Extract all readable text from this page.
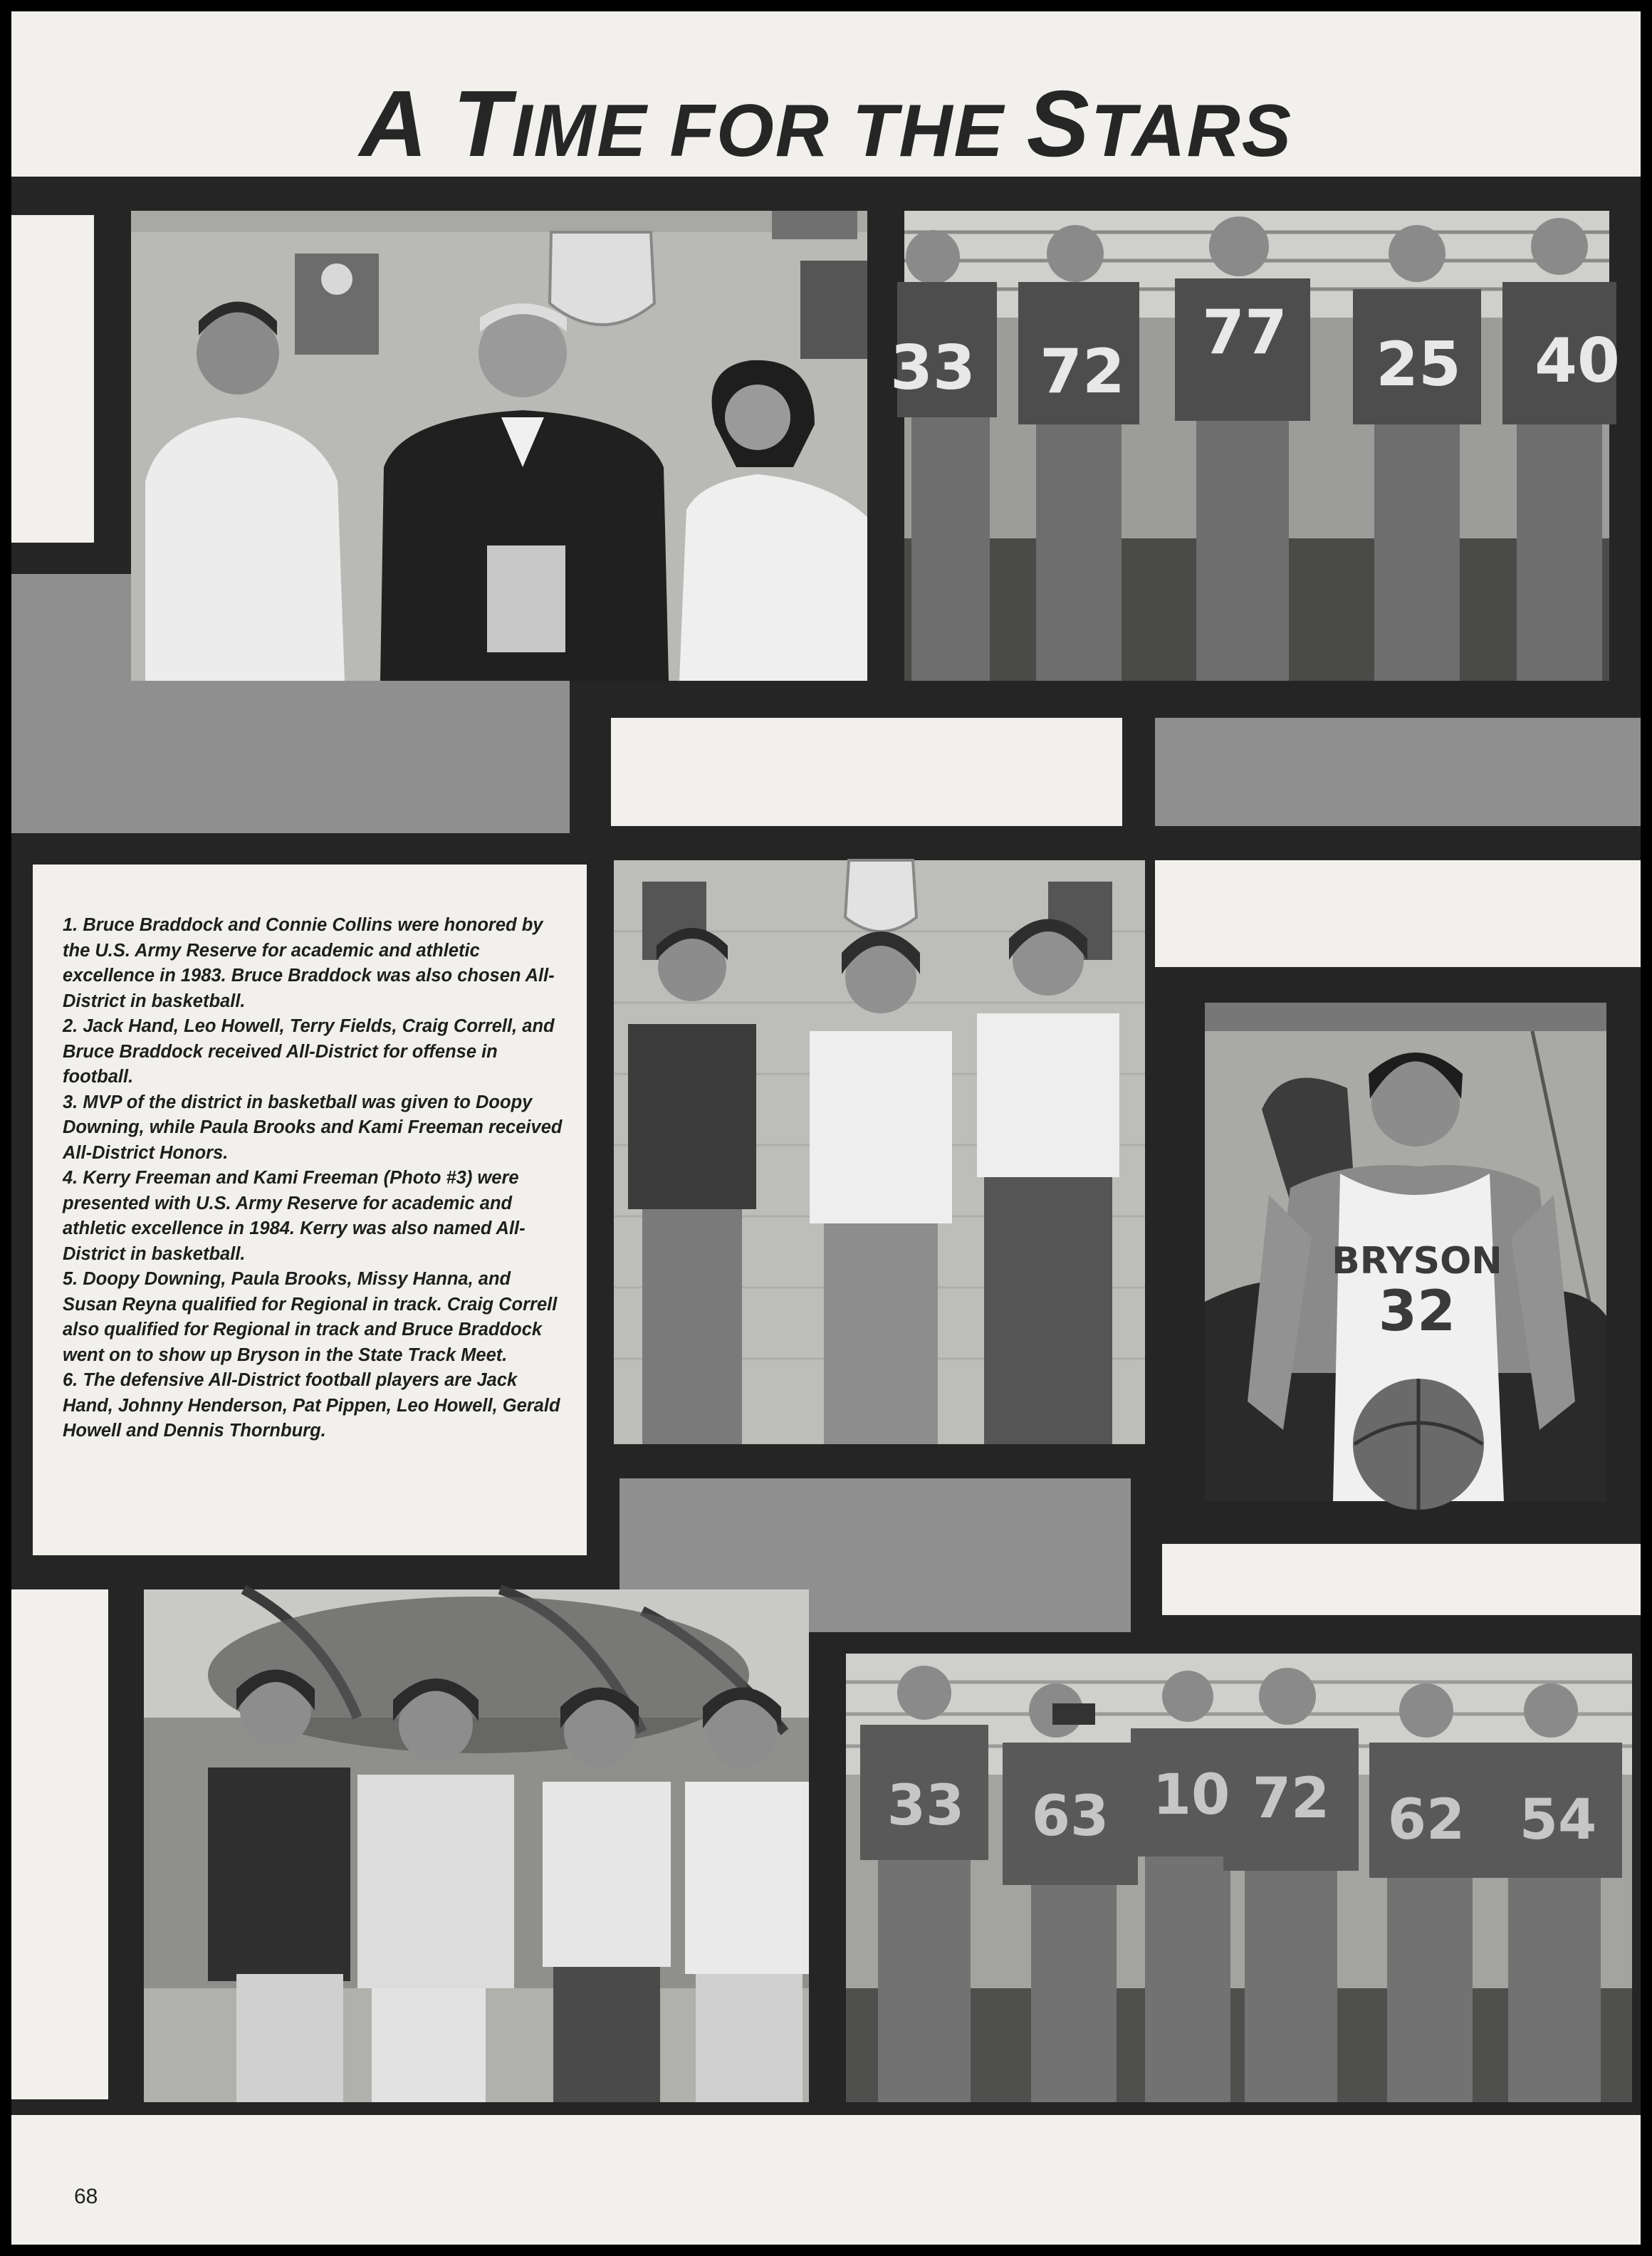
A TIME FOR THE STARS
1. Bruce Braddock and Connie Collins were honored by the U.S. Army Reserve for academic and athletic excellence in 1983. Bruce Braddock was also chosen All-District in basketball.
2. Jack Hand, Leo Howell, Terry Fields, Craig Correll, and Bruce Braddock received All-District for offense in football.
3. MVP of the district in basketball was given to Doopy Downing, while Paula Brooks and Kami Freeman received All-District Honors.
4. Kerry Freeman and Kami Freeman (Photo #3) were presented with U.S. Army Reserve for academic and athletic excellence in 1984. Kerry was also named All-District in basketball.
5. Doopy Downing, Paula Brooks, Missy Hanna, and Susan Reyna qualified for Regional in track. Craig Correll also qualified for Regional in track and Bruce Braddock went on to show up Bryson in the State Track Meet.
6. The defensive All-District football players are Jack Hand, Johnny Henderson, Pat Pippen, Leo Howell, Gerald Howell and Dennis Thornburg.
33 72
77 25 40
BRYSON
32
33 63 10 72 62 54
68
